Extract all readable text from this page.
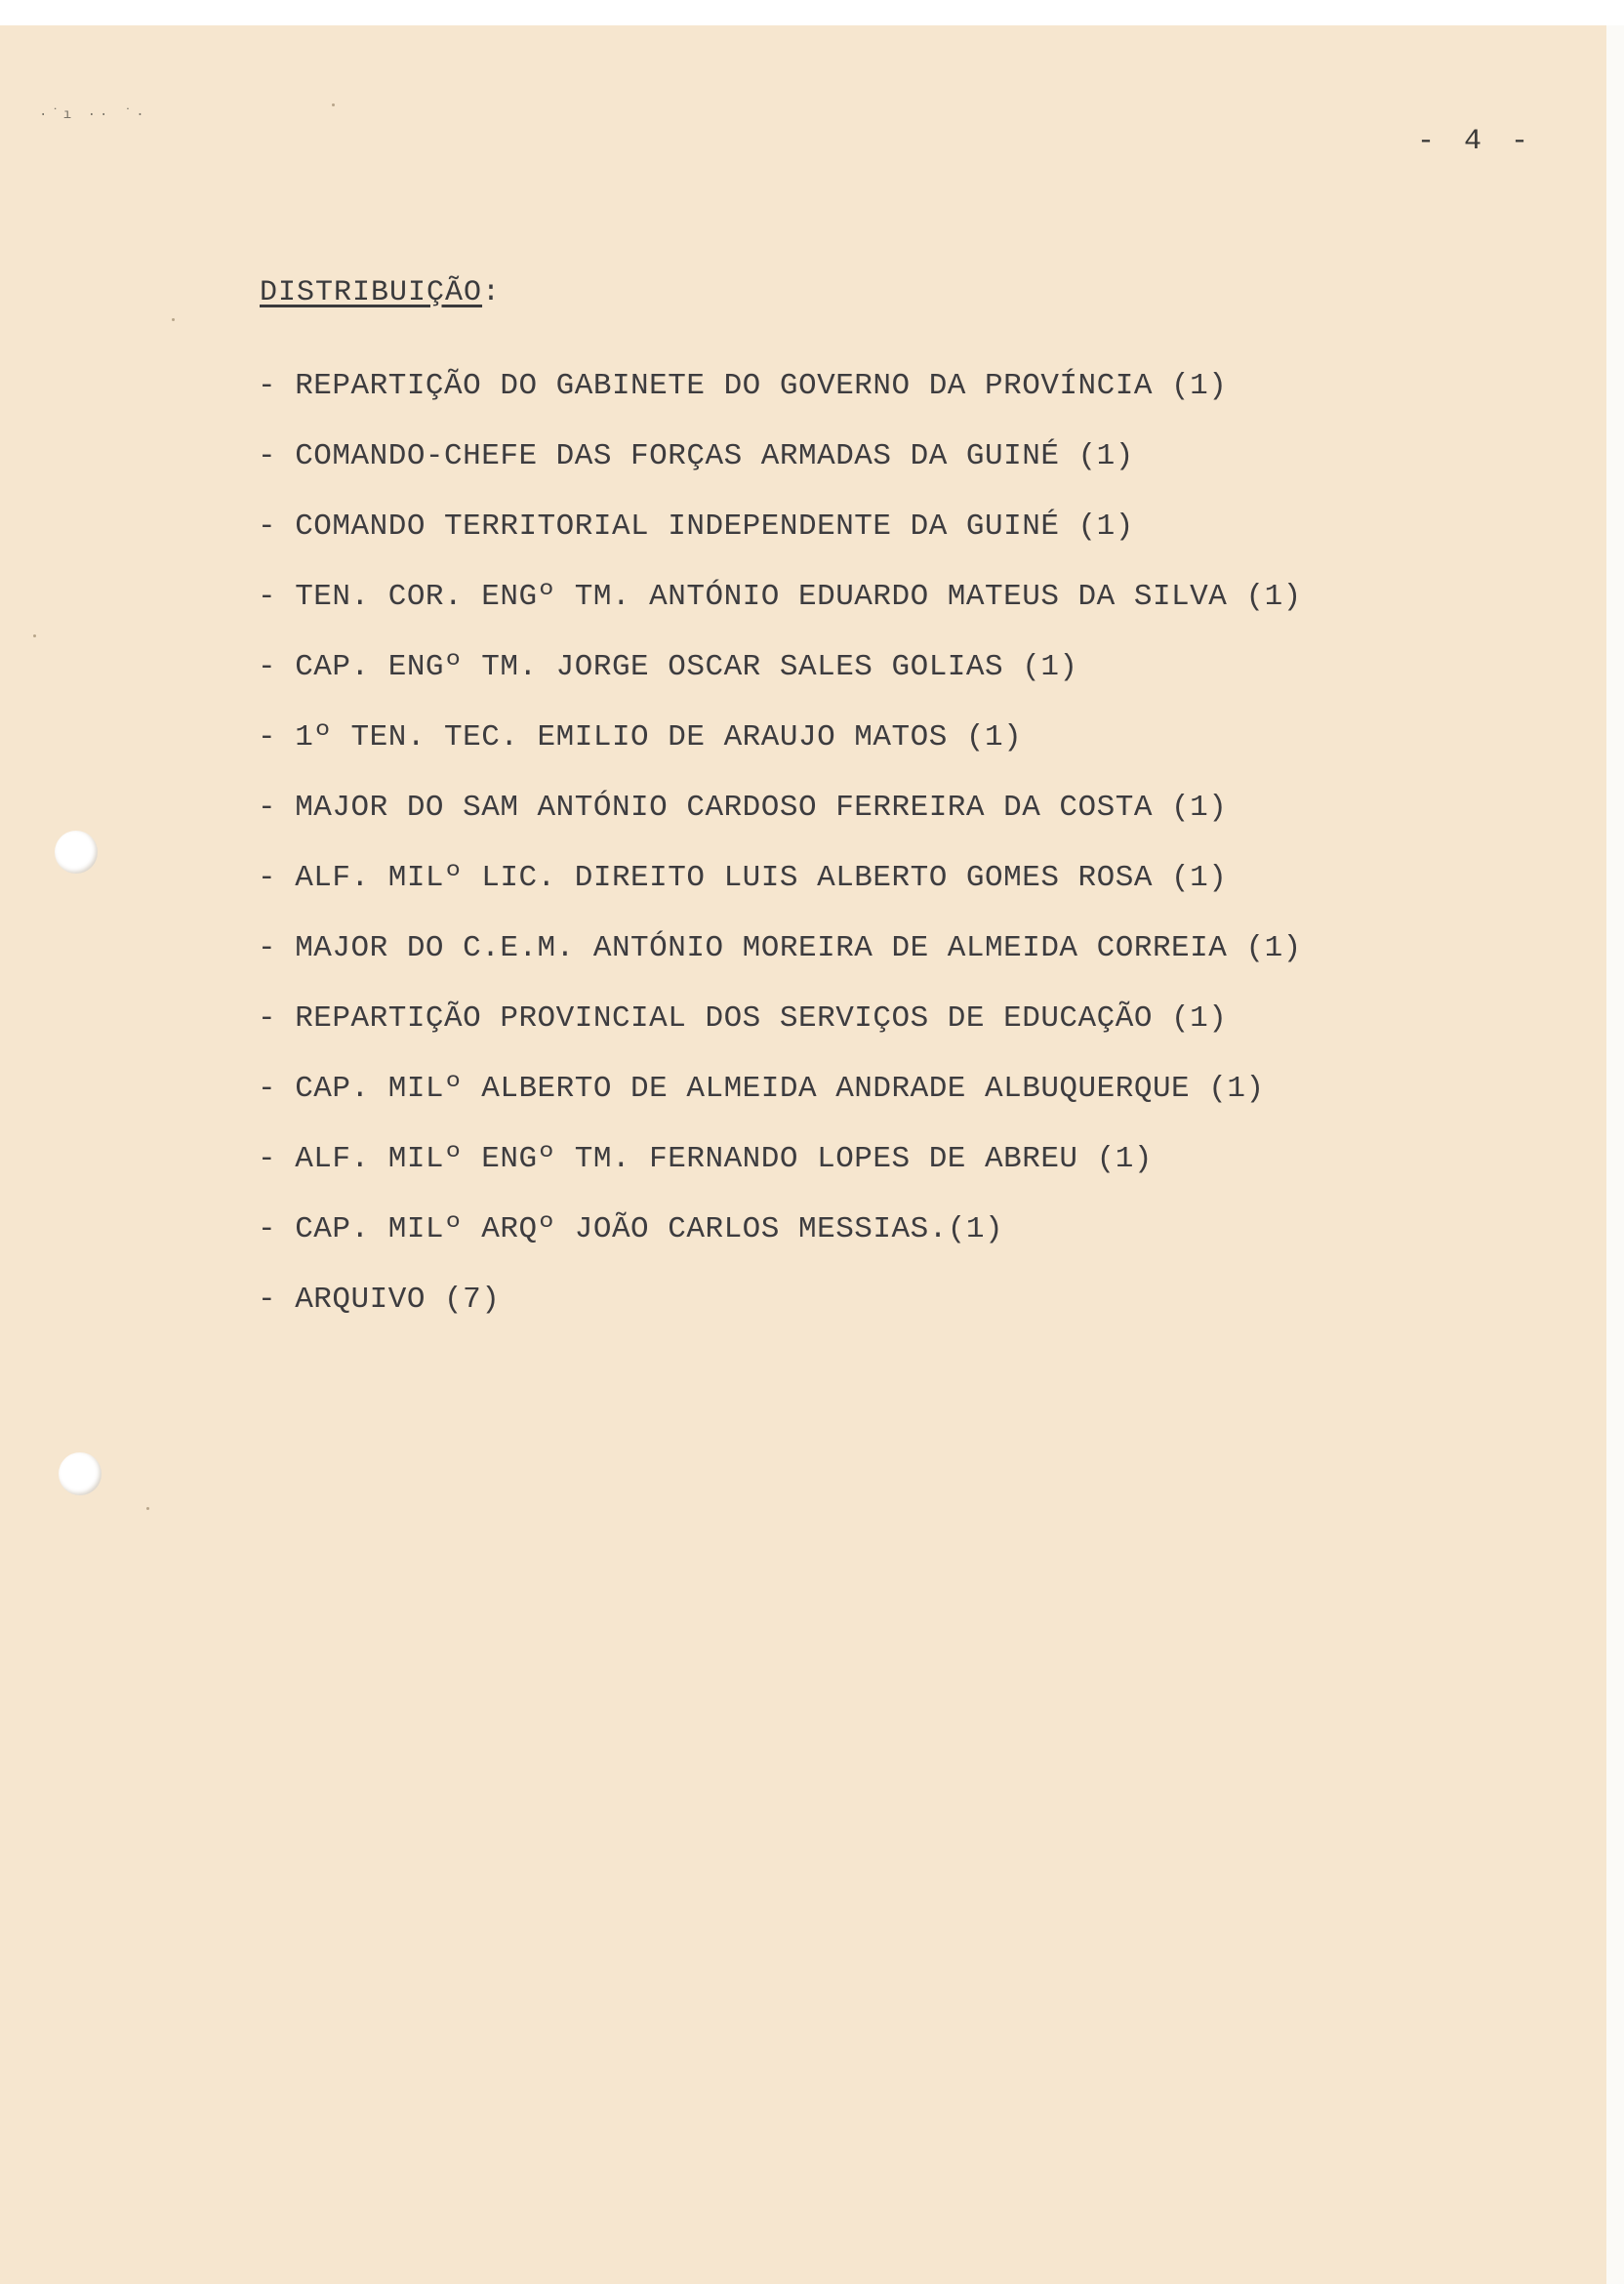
·˙ı ·· ˙·
- 4 -
DISTRIBUIÇÃO:
- REPARTIÇÃO DO GABINETE DO GOVERNO DA PROVÍNCIA (1)
- COMANDO-CHEFE DAS FORÇAS ARMADAS DA GUINÉ (1)
- COMANDO TERRITORIAL INDEPENDENTE DA GUINÉ (1)
- TEN. COR. ENGº TM. ANTÓNIO EDUARDO MATEUS DA SILVA (1)
- CAP. ENGº TM. JORGE OSCAR SALES GOLIAS (1)
- 1º TEN. TEC. EMILIO DE ARAUJO MATOS (1)
- MAJOR DO SAM ANTÓNIO CARDOSO FERREIRA DA COSTA (1)
- ALF. MILº LIC. DIREITO LUIS ALBERTO GOMES ROSA (1)
- MAJOR DO C.E.M. ANTÓNIO MOREIRA DE ALMEIDA CORREIA (1)
- REPARTIÇÃO PROVINCIAL DOS SERVIÇOS DE EDUCAÇÃO (1)
- CAP. MILº ALBERTO DE ALMEIDA ANDRADE ALBUQUERQUE (1)
- ALF. MILº ENGº TM. FERNANDO LOPES DE ABREU (1)
- CAP. MILº ARQº JOÃO CARLOS MESSIAS.(1)
- ARQUIVO (7)
